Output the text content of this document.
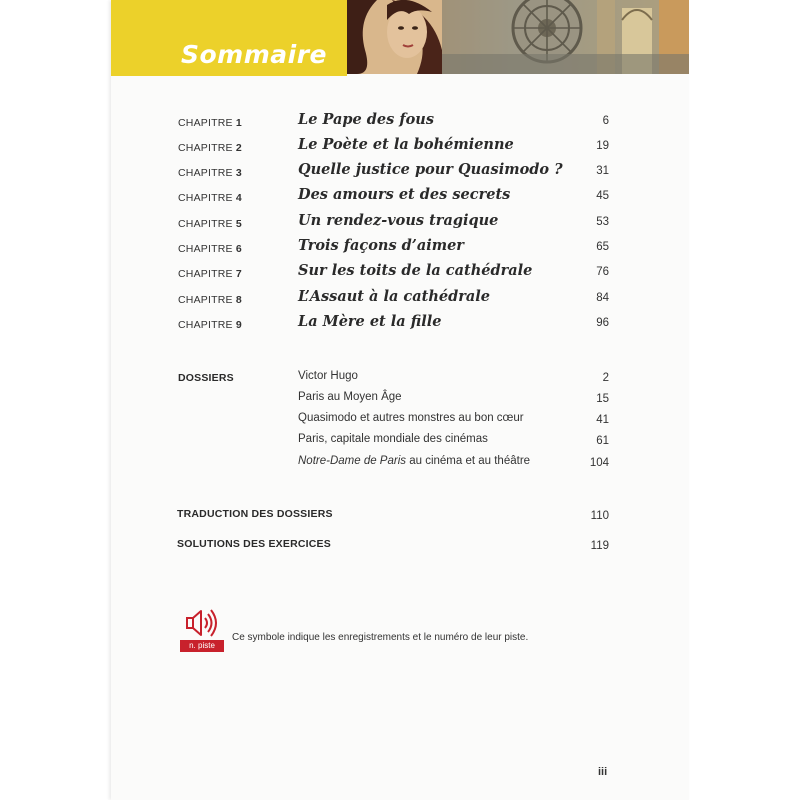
Sommaire
CHAPITRE 1	Le Pape des fous	6
CHAPITRE 2	Le Poète et la bohémienne	19
CHAPITRE 3	Quelle justice pour Quasimodo ?	31
CHAPITRE 4	Des amours et des secrets	45
CHAPITRE 5	Un rendez-vous tragique	53
CHAPITRE 6	Trois façons d’aimer	65
CHAPITRE 7	Sur les toits de la cathédrale	76
CHAPITRE 8	L’Assaut à la cathédrale	84
CHAPITRE 9	La Mère et la fille	96
DOSSIERS	Victor Hugo	2
Paris au Moyen Âge	15
Quasimodo et autres monstres au bon cœur	41
Paris, capitale mondiale des cinémas	61
Notre-Dame de Paris au cinéma et au théâtre	104
TRADUCTION DES DOSSIERS	110
SOLUTIONS DES EXERCICES	119
n. piste
Ce symbole indique les enregistrements et le numéro de leur piste.
iii
